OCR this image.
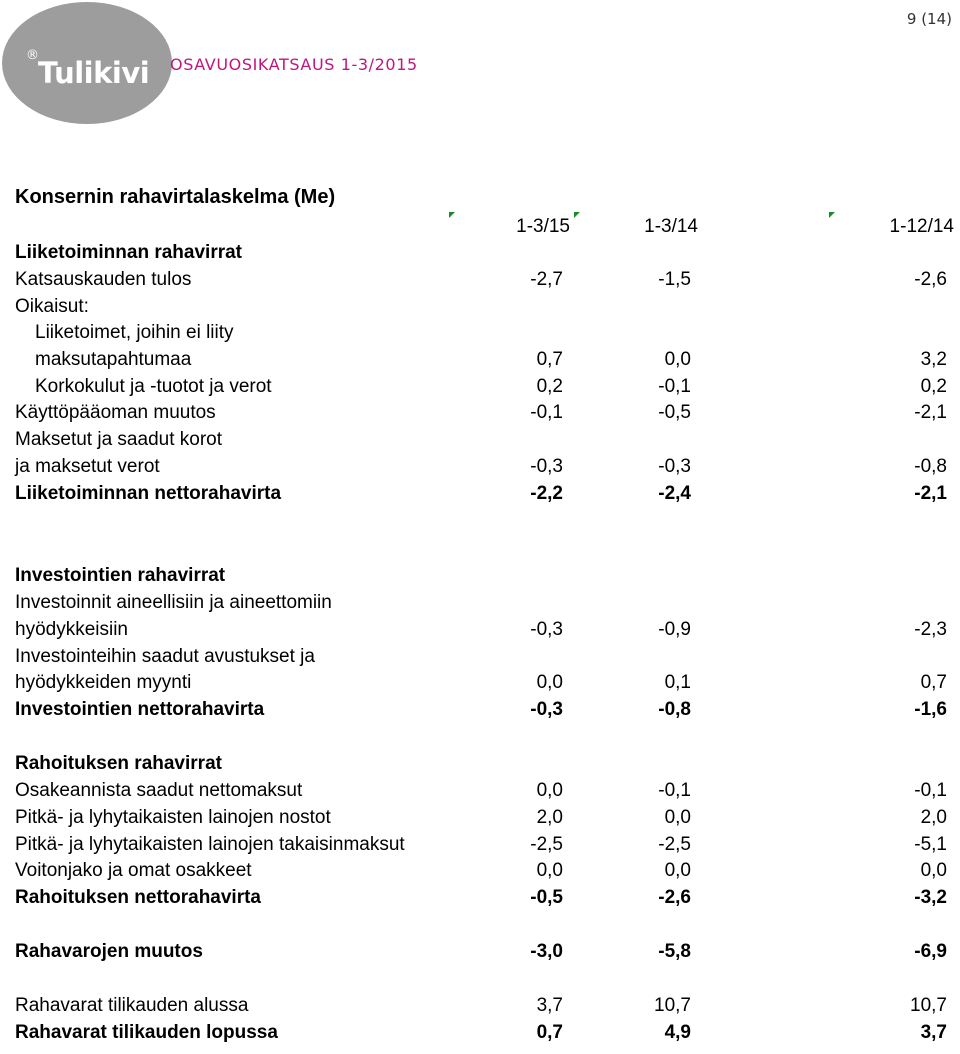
®
Tulikivi OSAVUOSIKATSAUS 1-3/2015
9 (14)
Konsernin rahavirtalaskelma (Me)
1-3/15	1-3/14	1-12/14
Liiketoiminnan rahavirrat
Katsauskauden tulos	-2,7	-1,5	-2,6
Oikaisut:
Liiketoimet, joihin ei liity
maksutapahtumaa	0,7	0,0	3,2
Korkokulut ja -tuotot ja verot	0,2	-0,1	0,2
Käyttöpääoman muutos	-0,1	-0,5	-2,1
Maksetut ja saadut korot
ja maksetut verot	-0,3	-0,3	-0,8
Liiketoiminnan nettorahavirta	-2,2	-2,4	-2,1
Investointien rahavirrat
Investoinnit aineellisiin ja aineettomiin
hyödykkeisiin	-0,3	-0,9	-2,3
Investointeihin saadut avustukset ja
hyödykkeiden myynti	0,0	0,1	0,7
Investointien nettorahavirta	-0,3	-0,8	-1,6
Rahoituksen rahavirrat
Osakeannista saadut nettomaksut	0,0	-0,1	-0,1
Pitkä- ja lyhytaikaisten lainojen nostot	2,0	0,0	2,0
Pitkä- ja lyhytaikaisten lainojen takaisinmaksut	-2,5	-2,5	-5,1
Voitonjako ja omat osakkeet	0,0	0,0	0,0
Rahoituksen nettorahavirta	-0,5	-2,6	-3,2
Rahavarojen muutos	-3,0	-5,8	-6,9
Rahavarat tilikauden alussa	3,7	10,7	10,7
Rahavarat tilikauden lopussa	0,7	4,9	3,7
